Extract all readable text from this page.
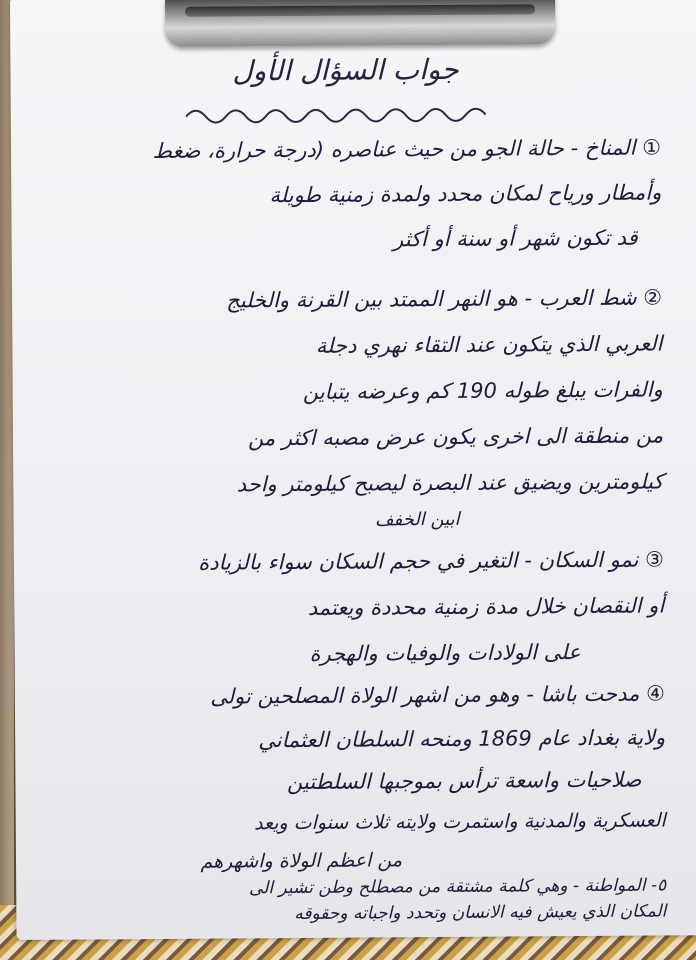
جواب السؤال الأول
① المناخ - حالة الجو من حيث عناصره (درجة حرارة، ضغط
وأمطار ورياح لمكان محدد ولمدة زمنية طويلة
قد تكون شهر أو سنة أو أكثر
② شط العرب - هو النهر الممتد بين القرنة والخليج
العربي الذي يتكون عند التقاء نهري دجلة
والفرات يبلغ طوله 190 كم وعرضه يتباين
من منطقة الى اخرى يكون عرض مصبه اكثر من
كيلومترين ويضيق عند البصرة ليصبح كيلومتر واحد
ابين الخفف
③ نمو السكان - التغير في حجم السكان سواء بالزيادة
أو النقصان خلال مدة زمنية محددة ويعتمد
على الولادات والوفيات والهجرة
④ مدحت باشا - وهو من اشهر الولاة المصلحين تولى
ولاية بغداد عام 1869 ومنحه السلطان العثماني
صلاحيات واسعة ترأس بموجبها السلطتين
العسكرية والمدنية واستمرت ولايته ثلاث سنوات ويعد
من اعظم الولاة واشهرهم
٥- المواطنة - وهي كلمة مشتقة من مصطلح وطن تشير الى
المكان الذي يعيش فيه الانسان وتحدد واجباته وحقوقه
